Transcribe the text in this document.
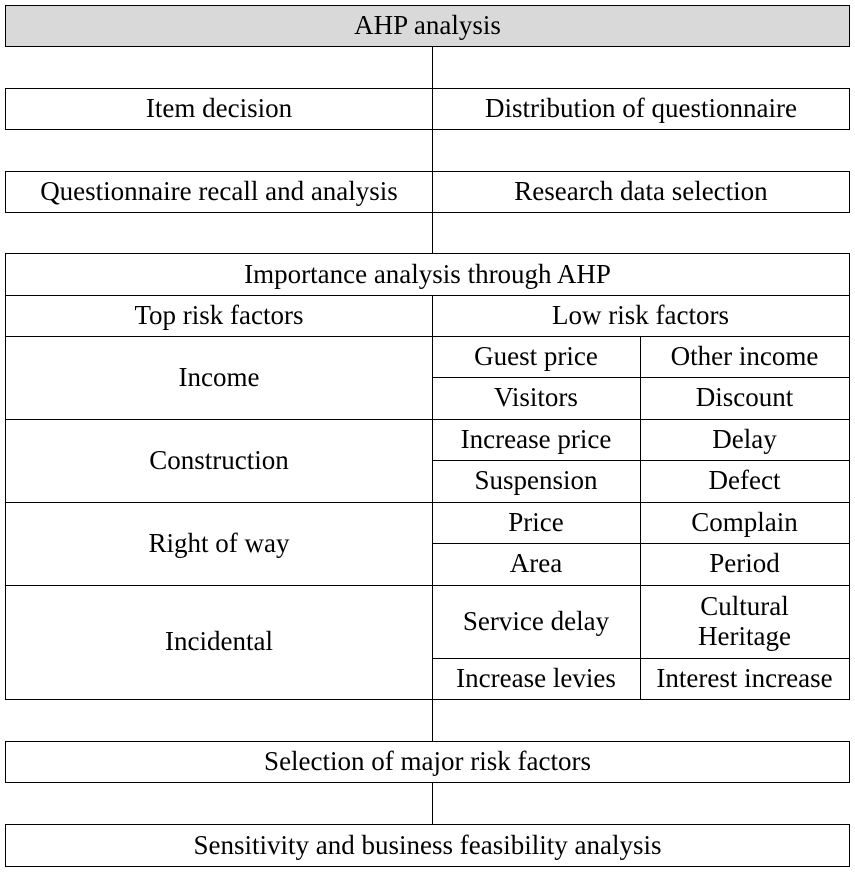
AHP analysis
Item decision	Distribution of questionnaire
Questionnaire recall and analysis	Research data selection
Importance analysis through AHP
Top risk factors	Low risk factors
Income
Guest price	Other income
Visitors	Discount
Construction
Increase price	Delay
Suspension	Defect
Right of way
Price	Complain
Area	Period
Incidental
Service delay	Cultural Heritage
Increase levies	Interest increase
Selection of major risk factors
Sensitivity and business feasibility analysis
